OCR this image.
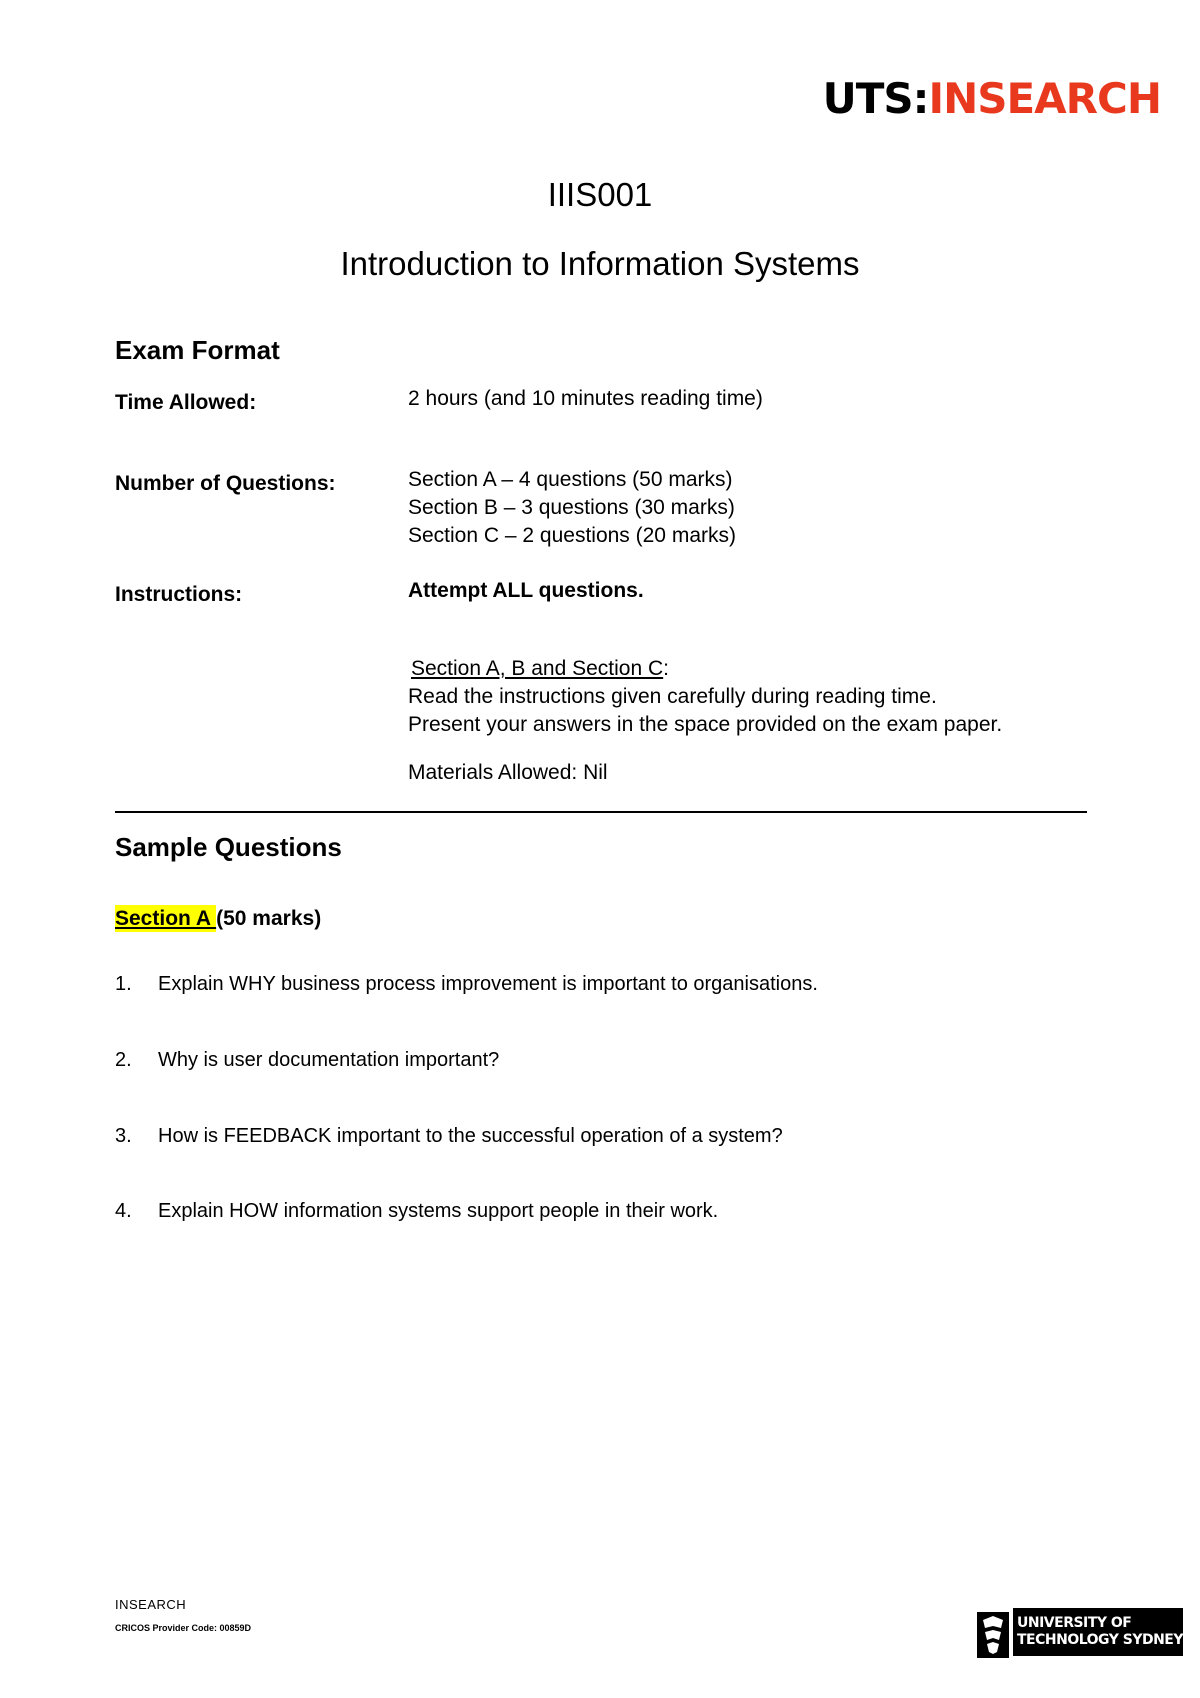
UTS:INSEARCH
IIIS001
Introduction to Information Systems
Exam Format
Time Allowed:	2 hours (and 10 minutes reading time)
Number of Questions:	Section A – 4 questions (50 marks)
Section B – 3 questions (30 marks)
Section C – 2 questions (20 marks)
Instructions:	Attempt ALL questions.
Section A, B and Section C:
Read the instructions given carefully during reading time.
Present your answers in the space provided on the exam paper.
Materials Allowed: Nil
Sample Questions
Section A (50 marks)
1. Explain WHY business process improvement is important to organisations.
2. Why is user documentation important?
3. How is FEEDBACK important to the successful operation of a system?
4. Explain HOW information systems support people in their work.
INSEARCH
CRICOS Provider Code: 00859D	UNIVERSITY OF
TECHNOLOGY SYDNEY
